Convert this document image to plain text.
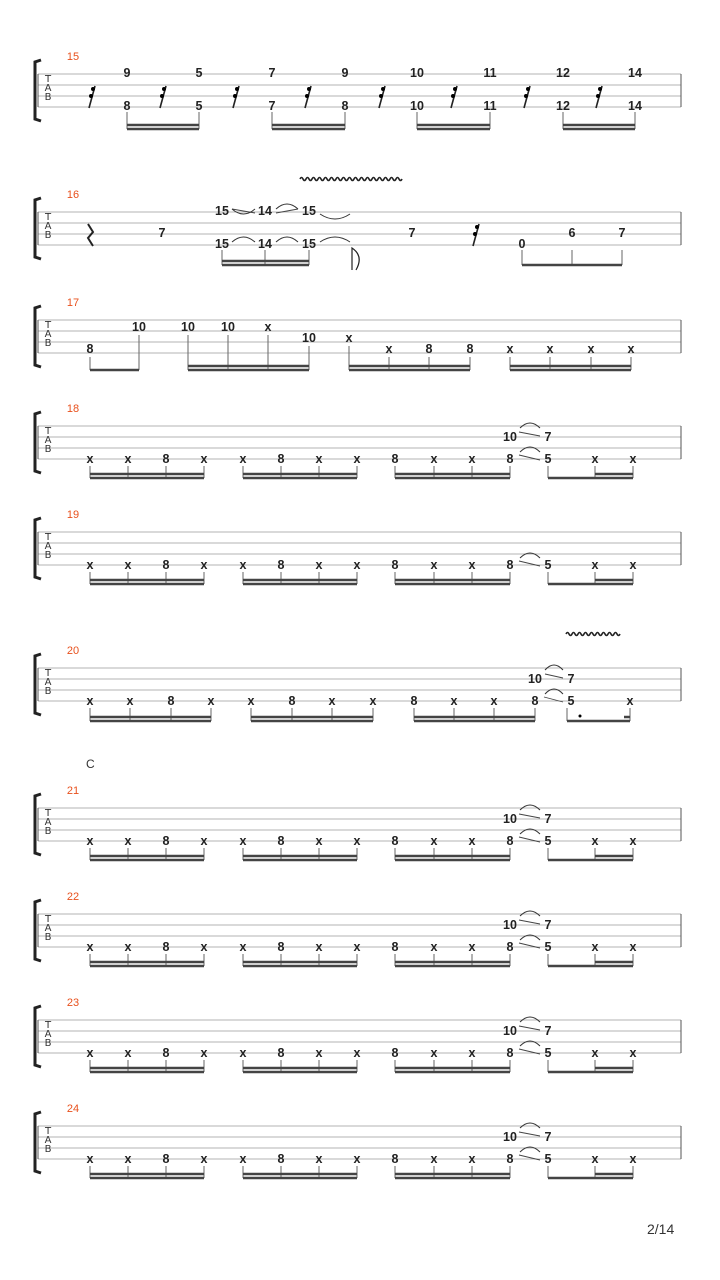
T
A
B
15
9
8
5
5
7
7
9
8
10
10
11
11
12
12
14
14
T
A
B
16
7
15
15
14
14
15
15
7
0
6	7
T
A
B
17
8
10	10 10 x
10 x
x	8	8	x	x	x	x
T
A
B
18
x x 8 x	x 8 x x 8	x x 8 5	x x
10 7
T
A
B
19
x x 8 x	x 8 x x 8	x x 8 5	x x
T
A
B
21
x x 8 x	x 8 x x 8	x x 8 5	x x
10 7
T
A
B
22
x x 8 x	x 8 x x 8	x x 8 5	x x
10 7
T
A
B
23
x x 8 x	x 8 x x 8	x x 8 5	x x
10 7
T
A
B
24
x x 8 x	x 8 x x 8	x x 8 5	x x
10 7
T
A
B
20
x	x	8	x	x	8	x	x	8	x	x	8 5	x
10 7
C
2/14
